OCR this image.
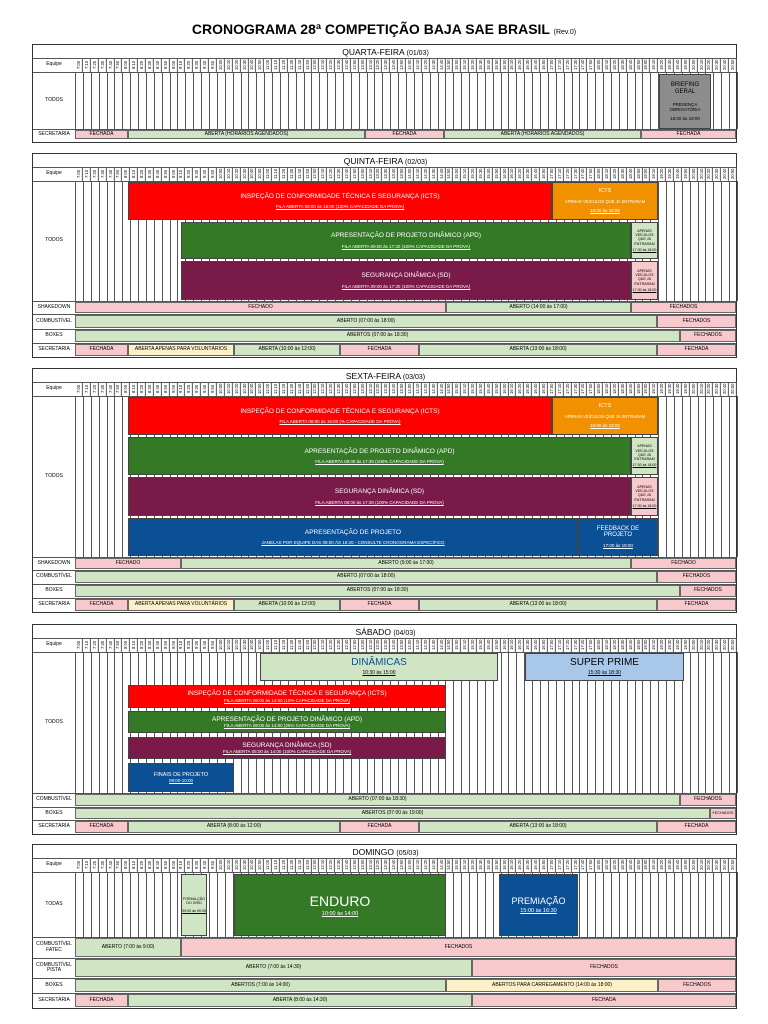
CRONOGRAMA 28ª COMPETIÇÃO BAJA SAE BRASIL (Rev.0)
QUARTA-FEIRA (01/03)
Equipe	7:00 7:10 7:20 7:30 7:40 7:50 8:00 8:10 8:20 8:30 8:40 8:50 9:00 9:10 9:20 9:30 9:40 9:50 10:00 10:10 10:20 10:30 10:40 10:50 11:00 11:10 11:20 11:30 11:40 11:50 12:00 12:10 12:20 12:30 12:40 12:50 13:00 13:10 13:20 13:30 13:40 13:50 14:00 14:10 14:20 14:30 14:40 14:50 15:00 15:10 15:20 15:30 15:40 15:50 16:00 16:10 16:20 16:30 16:40 16:50 17:00 17:10 17:20 17:30 17:40 17:50 18:00 18:10 18:20 18:30 18:40 18:50 19:00 19:10 19:20 19:30 19:40 19:50 20:00 20:10 20:20 20:30 20:40 20:50
TODOS
BRIEFING GERAL
PRESENÇA OBRIGATÓRIA
18:00 às 19:00
SECRETARIA	FECHADA	ABERTA (HORÁRIOS AGENDADOS)	FECHADA	ABERTA (HORÁRIOS AGENDADOS)	FECHADA
QUINTA-FEIRA (02/03)
Equipe	7:00 7:10 7:20 7:30 7:40 7:50 8:00 8:10 8:20 8:30 8:40 8:50 9:00 9:10 9:20 9:30 9:40 9:50 10:00 10:10 10:20 10:30 10:40 10:50 11:00 11:10 11:20 11:30 11:40 11:50 12:00 12:10 12:20 12:30 12:40 12:50 13:00 13:10 13:20 13:30 13:40 13:50 14:00 14:10 14:20 14:30 14:40 14:50 15:00 15:10 15:20 15:30 15:40 15:50 16:00 16:10 16:20 16:30 16:40 16:50 17:00 17:10 17:20 17:30 17:40 17:50 18:00 18:10 18:20 18:30 18:40 18:50 19:00 19:10 19:20 19:30 19:40 19:50 20:00 20:10 20:20 20:30 20:40 20:50
TODOS
INSPEÇÃO DE CONFORMIDADE TÉCNICA E SEGURANÇA (ICTS)
FILA ABERTA 08:00 às 16:00 (100% CAPACIDADE DA PROVA)
ICTS
APENAS VEÍCULOS QUE JÁ ENTRARAM
16:00 às 18:00
APRESENTAÇÃO DE PROJETO DINÂMICO (APD)
FILA ABERTA 09:00 às 17:30 (100% CAPACIDADE DA PROVA)
APENAS VEÍCULOS QUE JÁ ENTRARAM
17:30 às 18:00
SEGURANÇA DINÂMICA (SD)
FILA ABERTA 09:00 às 17:30 (100% CAPACIDADE DA PROVA)
APENAS VEÍCULOS QUE JÁ ENTRARAM
17:30 às 18:00
SHAKEDOWN	FECHADO	ABERTO (14:00 às 17:00)	FECHADOS
COMBUSTÍVEL	ABERTO (07:00 às 18:00)	FECHADOS
BOXES	ABERTOS (07:00 às 18:30)	FECHADOS
SECRETARIA	FECHADA	ABERTA APENAS PARA VOLUNTÁRIOS	ABERTA (10:00 às 12:00)	FECHADA	ABERTA (13:00 às 18:00)	FECHADA
SEXTA-FEIRA (03/03)
Equipe	7:00 7:10 7:20 7:30 7:40 7:50 8:00 8:10 8:20 8:30 8:40 8:50 9:00 9:10 9:20 9:30 9:40 9:50 10:00 10:10 10:20 10:30 10:40 10:50 11:00 11:10 11:20 11:30 11:40 11:50 12:00 12:10 12:20 12:30 12:40 12:50 13:00 13:10 13:20 13:30 13:40 13:50 14:00 14:10 14:20 14:30 14:40 14:50 15:00 15:10 15:20 15:30 15:40 15:50 16:00 16:10 16:20 16:30 16:40 16:50 17:00 17:10 17:20 17:30 17:40 17:50 18:00 18:10 18:20 18:30 18:40 18:50 19:00 19:10 19:20 19:30 19:40 19:50 20:00 20:10 20:20 20:30 20:40 20:50
TODOS
INSPEÇÃO DE CONFORMIDADE TÉCNICA E SEGURANÇA (ICTS)
FILA ABERTA 08:00 às 16:00 (% CAPACIDADE DA PROVA)
ICTS
APENAS VEÍCULOS QUE JÁ ENTRARAM
16:00 às 18:00
APRESENTAÇÃO DE PROJETO DINÂMICO (APD)
FILA ABERTA 08:00 às 17:30 (100% CAPACIDADE DA PROVA)
APENAS VEÍCULOS QUE JÁ ENTRARAM
17:30 às 18:00
SEGURANÇA DINÂMICA (SD)
FILA ABERTA 08:00 às 17:30 (100% CAPACIDADE DA PROVA)
APENAS VEÍCULOS QUE JÁ ENTRARAM
17:30 às 18:00
APRESENTAÇÃO DE PROJETO
JANELAS POR EQUIPE DAS 08:00 ÀS 16:20 - CONSULTE CRONOGRAMA ESPECÍFICO
FEEDBACK DE PROJETO
17:00 às 18:00
SHAKEDOWN	FECHADO	ABERTO (9:00 às 17:00)	FECHADO
COMBUSTÍVEL	ABERTO (07:00 às 18:00)	FECHADOS
BOXES	ABERTOS (07:00 às 18:30)	FECHADOS
SECRETARIA	FECHADA	ABERTA APENAS PARA VOLUNTÁRIOS	ABERTA (10:00 às 12:00)	FECHADA	ABERTA (13:00 às 18:00)	FECHADA
SÁBADO (04/03)
Equipe	7:00 7:10 7:20 7:30 7:40 7:50 8:00 8:10 8:20 8:30 8:40 8:50 9:00 9:10 9:20 9:30 9:40 9:50 10:00 10:10 10:20 10:30 10:40 10:50 11:00 11:10 11:20 11:30 11:40 11:50 12:00 12:10 12:20 12:30 12:40 12:50 13:00 13:10 13:20 13:30 13:40 13:50 14:00 14:10 14:20 14:30 14:40 14:50 15:00 15:10 15:20 15:30 15:40 15:50 16:00 16:10 16:20 16:30 16:40 16:50 17:00 17:10 17:20 17:30 17:40 17:50 18:00 18:10 18:20 18:30 18:40 18:50 19:00 19:10 19:20 19:30 19:40 19:50 20:00 20:10 20:20 20:30 20:40 20:50
TODOS
DINÂMICAS
10:30 às 15:00
SUPER PRIME
15:30 às 18:30
INSPEÇÃO DE CONFORMIDADE TÉCNICA E SEGURANÇA (ICTS)
FILA ABERTA 08:00 às 14:00 (10% CAPACIDADE DA PROVA)
APRESENTAÇÃO DE PROJETO DINÂMICO (APD)
FILA ABERTA 08:00 às 14:00 (25% CAPACIDADE DA PROVA)
SEGURANÇA DINÂMICA (SD)
FILA ABERTA 08:00 às 14:00 (100% CAPACIDADE DA PROVA)
FINAIS DE PROJETO
08:00-10:00
COMBUSTÍVEL	ABERTO (07:00 às 18:30)	FECHADOS
BOXES	ABERTOS (07:00 às 19:00)	FECHADOS
SECRETARIA	FECHADA	ABERTA (8:00 às 12:00)	FECHADA	ABERTA (13:00 às 18:00)	FECHADA
DOMINGO (05/03)
Equipe	7:00 7:10 7:20 7:30 7:40 7:50 8:00 8:10 8:20 8:30 8:40 8:50 9:00 9:10 9:20 9:30 9:40 9:50 10:00 10:10 10:20 10:30 10:40 10:50 11:00 11:10 11:20 11:30 11:40 11:50 12:00 12:10 12:20 12:30 12:40 12:50 13:00 13:10 13:20 13:30 13:40 13:50 14:00 14:10 14:20 14:30 14:40 14:50 15:00 15:10 15:20 15:30 15:40 15:50 16:00 16:10 16:20 16:30 16:40 16:50 17:00 17:10 17:20 17:30 17:40 17:50 18:00 18:10 18:20 18:30 18:40 18:50 19:00 19:10 19:20 19:30 19:40 19:50 20:00 20:10 20:20 20:30 20:40 20:50
TODAS
FORMA-ÇÃO DO GRID
09:00 às 09:30
ENDURO
10:00 às 14:00
PREMIAÇÃO
15:00 às 16:30
COMBUSTÍVEL FATEC	ABERTO (7:00 às 9:00)	FECHADOS
COMBUSTÍVEL PISTA	ABERTO (7:00 às 14:30)	FECHADOS
BOXES	ABERTOS (7:00 às 14:00)	ABERTOS PARA CARREGAMENTO (14:00 às 18:00)	FECHADOS
SECRETARIA	FECHADA	ABERTA (8:00 às 14:30)	FECHADA
